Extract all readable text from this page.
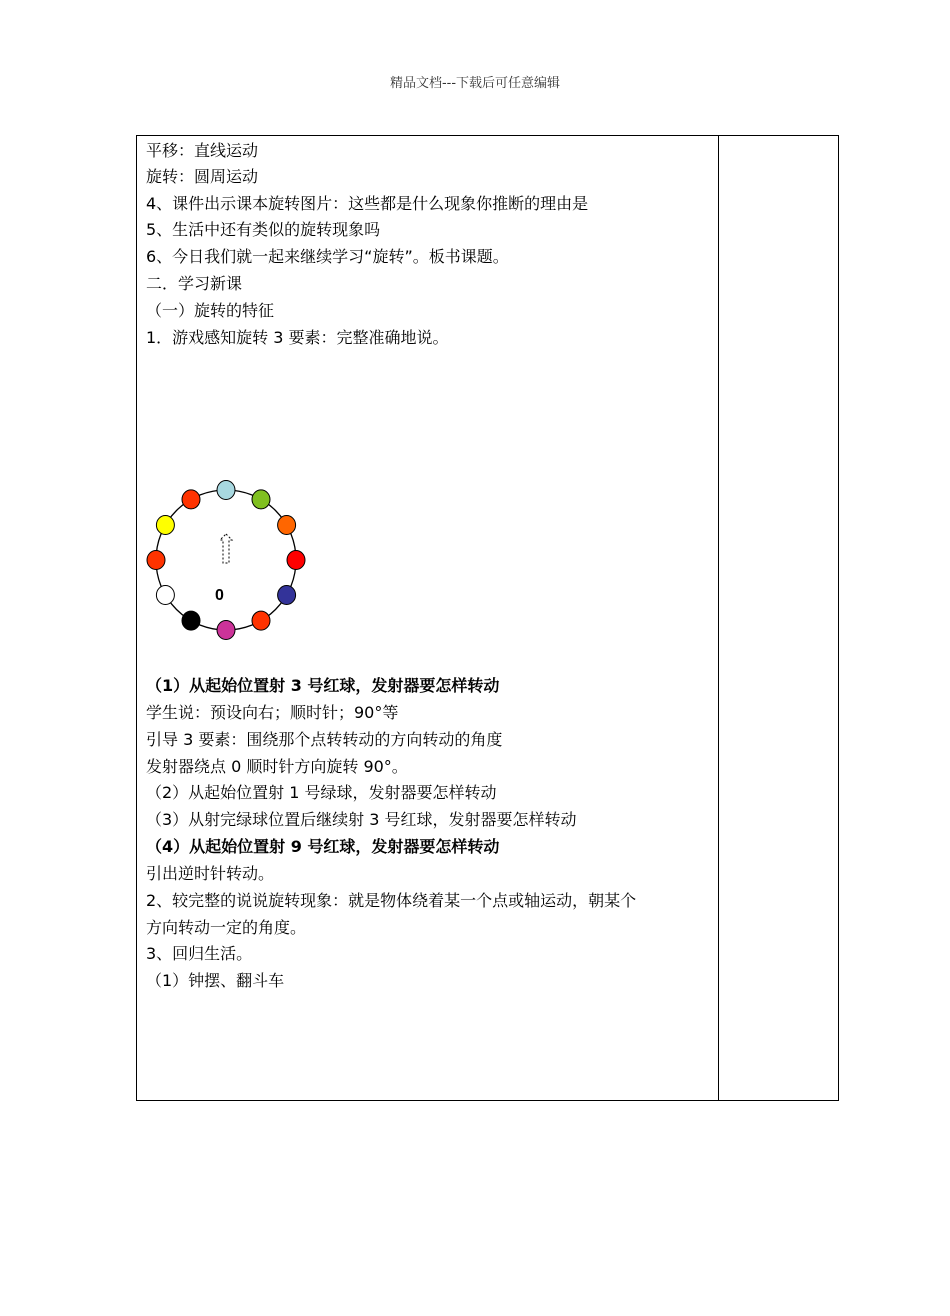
精品文档---下载后可任意编辑
平移：直线运动
旋转：圆周运动
4、课件出示课本旋转图片：这些都是什么现象你推断的理由是
5、生活中还有类似的旋转现象吗
6、今日我们就一起来继续学习“旋转”。板书课题。
二．学习新课
（一）旋转的特征
1．游戏感知旋转 3 要素：完整准确地说。
0
（1）从起始位置射 3 号红球，发射器要怎样转动
学生说：预设向右；顺时针；90°等
引导 3 要素：围绕那个点转转动的方向转动的角度
发射器绕点 0 顺时针方向旋转 90°。
（2）从起始位置射 1 号绿球，发射器要怎样转动
（3）从射完绿球位置后继续射 3 号红球，发射器要怎样转动
（4）从起始位置射 9 号红球，发射器要怎样转动
引出逆时针转动。
2、较完整的说说旋转现象：就是物体绕着某一个点或轴运动，朝某个
方向转动一定的角度。
3、回归生活。
（1）钟摆、翻斗车
